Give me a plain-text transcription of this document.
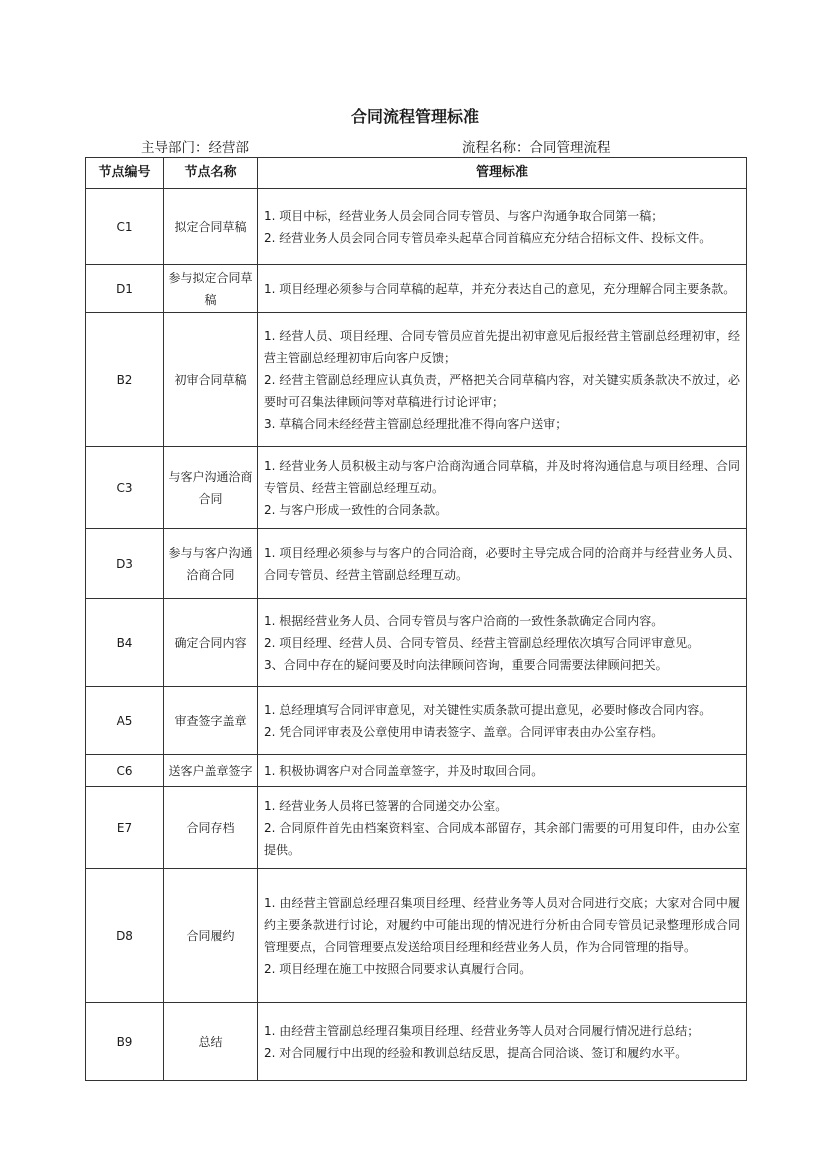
合同流程管理标准
主导部门：经营部	流程名称：合同管理流程
节点编号	节点名称	管理标准
C1	拟定合同草稿	1. 项目中标，经营业务人员会同合同专管员、与客户沟通争取合同第一稿；

2. 经营业务人员会同合同专管员牵头起草合同首稿应充分结合招标文件、投标文件。

D1	参与拟定合同草稿	1. 项目经理必须参与合同草稿的起草，并充分表达自己的意见，充分理解合同主要条款。

B2	初审合同草稿	1. 经营人员、项目经理、合同专管员应首先提出初审意见后报经营主管副总经理初审，经营主管副总经理初审后向客户反馈；

2. 经营主管副总经理应认真负责，严格把关合同草稿内容，对关键实质条款决不放过，必要时可召集法律顾问等对草稿进行讨论评审；

3. 草稿合同未经经营主管副总经理批准不得向客户送审；

C3	与客户沟通洽商合同	1. 经营业务人员积极主动与客户洽商沟通合同草稿，并及时将沟通信息与项目经理、合同专管员、经营主管副总经理互动。

2. 与客户形成一致性的合同条款。

D3	参与与客户沟通洽商合同	1. 项目经理必须参与与客户的合同洽商，必要时主导完成合同的洽商并与经营业务人员、合同专管员、经营主管副总经理互动。

B4	确定合同内容	1. 根据经营业务人员、合同专管员与客户洽商的一致性条款确定合同内容。

2. 项目经理、经营人员、合同专管员、经营主管副总经理依次填写合同评审意见。

3、合同中存在的疑问要及时向法律顾问咨询，重要合同需要法律顾问把关。

A5	审查签字盖章	1. 总经理填写合同评审意见，对关键性实质条款可提出意见，必要时修改合同内容。

2. 凭合同评审表及公章使用申请表签字、盖章。合同评审表由办公室存档。

C6	送客户盖章签字	1. 积极协调客户对合同盖章签字，并及时取回合同。

E7	合同存档	1. 经营业务人员将已签署的合同递交办公室。

2. 合同原件首先由档案资料室、合同成本部留存，其余部门需要的可用复印件，由办公室提供。

D8	合同履约	1. 由经营主管副总经理召集项目经理、经营业务等人员对合同进行交底；大家对合同中履约主要条款进行讨论，对履约中可能出现的情况进行分析由合同专管员记录整理形成合同管理要点，合同管理要点发送给项目经理和经营业务人员，作为合同管理的指导。

2. 项目经理在施工中按照合同要求认真履行合同。

B9	总结	1. 由经营主管副总经理召集项目经理、经营业务等人员对合同履行情况进行总结；

2. 对合同履行中出现的经验和教训总结反思，提高合同洽谈、签订和履约水平。
